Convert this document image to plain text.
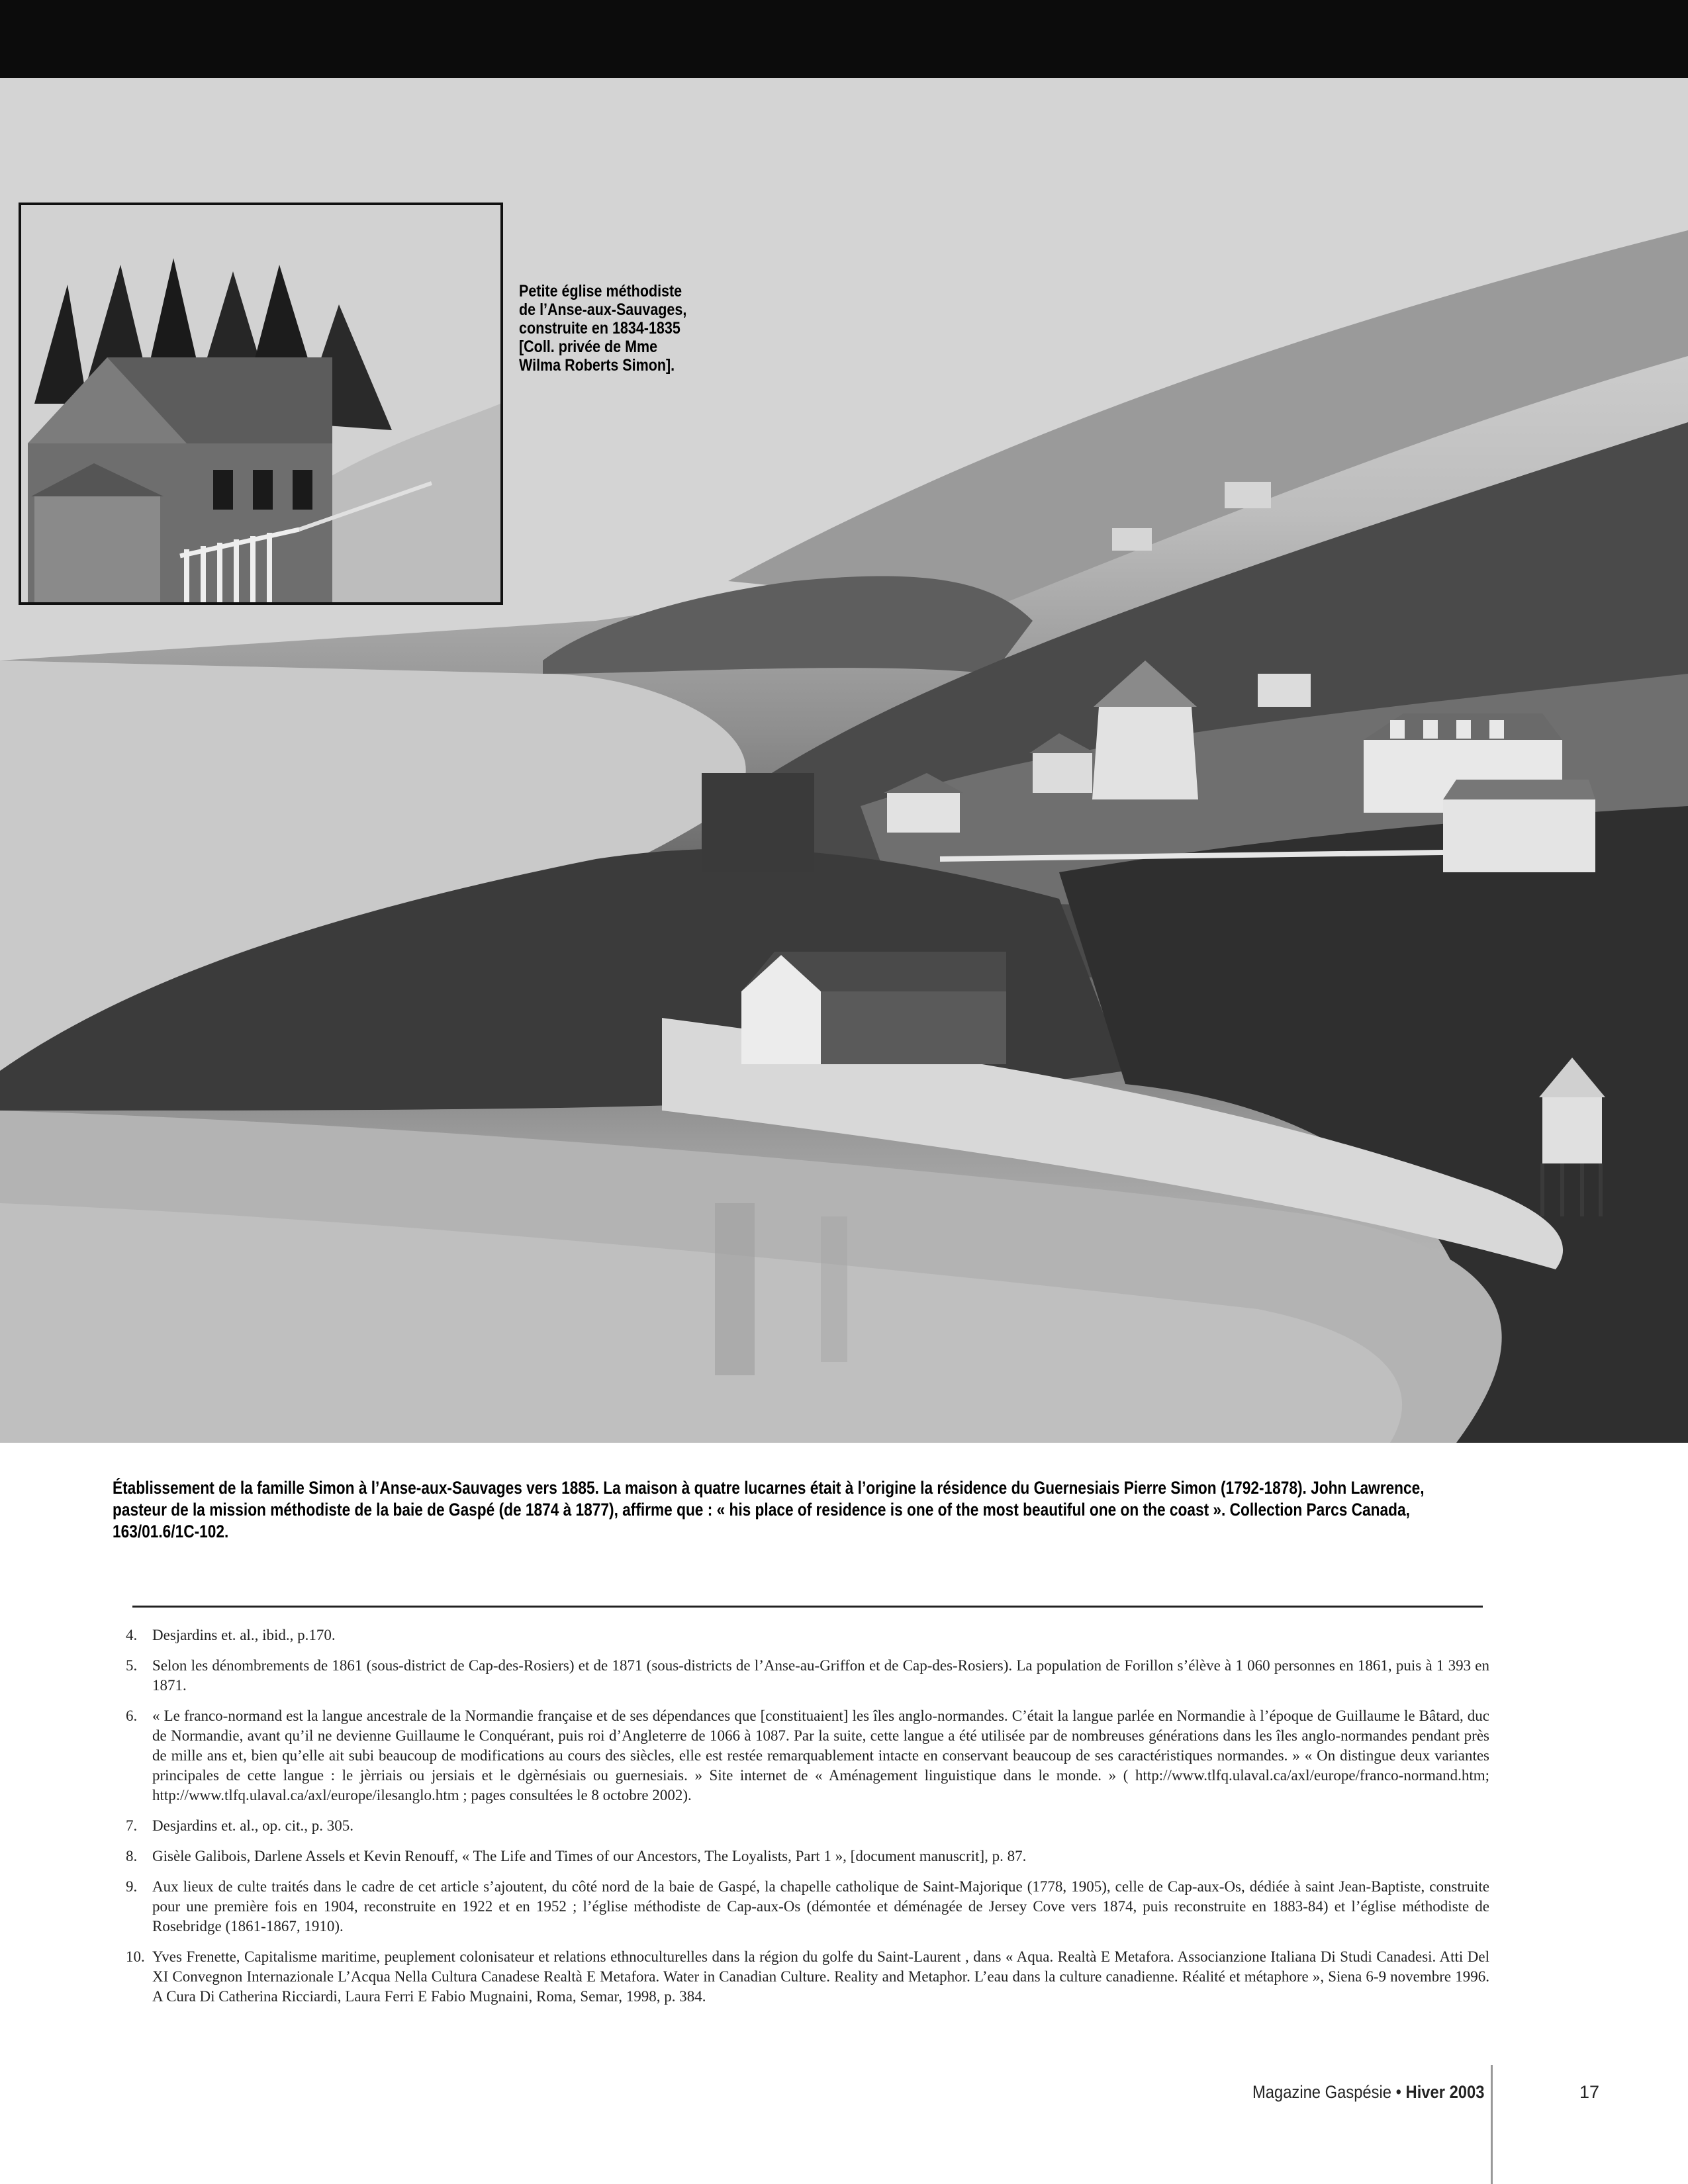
Petite église méthodiste
de l’Anse-aux-Sauvages,
construite en 1834-1835
[Coll. privée de Mme
Wilma Roberts Simon].
Établissement de la famille Simon à l’Anse-aux-Sauvages vers 1885. La maison à quatre lucarnes était à l’origine la résidence du Guernesiais Pierre Simon (1792-1878). John Lawrence, pasteur de la mission méthodiste de la baie de Gaspé (de 1874 à 1877), affirme que : « his place of residence is one of the most beautiful one on the coast ». Collection Parcs Canada, 163/01.6/1C-102.
4. Desjardins et. al., ibid., p.170.
5. Selon les dénombrements de 1861 (sous-district de Cap-des-Rosiers) et de 1871 (sous-districts de l’Anse-au-Griffon et de Cap-des-Rosiers). La population de Forillon s’élève à 1 060 personnes en 1861, puis à 1 393 en 1871.
6. « Le franco-normand est la langue ancestrale de la Normandie française et de ses dépendances que [constituaient] les îles anglo-normandes. C’était la langue parlée en Normandie à l’époque de Guillaume le Bâtard, duc de Normandie, avant qu’il ne devienne Guillaume le Conquérant, puis roi d’Angleterre de 1066 à 1087. Par la suite, cette langue a été utilisée par de nombreuses générations dans les îles anglo-normandes pendant près de mille ans et, bien qu’elle ait subi beaucoup de modifications au cours des siècles, elle est restée remarquablement intacte en conservant beaucoup de ses caractéristiques normandes. » « On distingue deux variantes principales de cette langue : le jèrriais ou jersiais et le dgèrnésiais ou guernesiais. » Site internet de « Aménagement linguistique dans le monde. » ( http://www.tlfq.ulaval.ca/axl/europe/franco-normand.htm; http://www.tlfq.ulaval.ca/axl/europe/ilesanglo.htm ; pages consultées le 8 octobre 2002).
7. Desjardins et. al., op. cit., p. 305.
8. Gisèle Galibois, Darlene Assels et Kevin Renouff, « The Life and Times of our Ancestors, The Loyalists, Part 1 », [document manuscrit], p. 87.
9. Aux lieux de culte traités dans le cadre de cet article s’ajoutent, du côté nord de la baie de Gaspé, la chapelle catholique de Saint-Majorique (1778, 1905), celle de Cap-aux-Os, dédiée à saint Jean-Baptiste, construite pour une première fois en 1904, reconstruite en 1922 et en 1952 ; l’église méthodiste de Cap-aux-Os (démontée et déménagée de Jersey Cove vers 1874, puis reconstruite en 1883-84) et l’église méthodiste de Rosebridge (1861-1867, 1910).
10. Yves Frenette, Capitalisme maritime, peuplement colonisateur et relations ethnoculturelles dans la région du golfe du Saint-Laurent , dans « Aqua. Realtà E Metafora. Associanzione Italiana Di Studi Canadesi. Atti Del XI Convegnon Internazionale L’Acqua Nella Cultura Canadese Realtà E Metafora. Water in Canadian Culture. Reality and Metaphor. L’eau dans la culture canadienne. Réalité et métaphore », Siena 6-9 novembre 1996. A Cura Di Catherina Ricciardi, Laura Ferri E Fabio Mugnaini, Roma, Semar, 1998, p. 384.
Magazine Gaspésie • Hiver 2003	17
